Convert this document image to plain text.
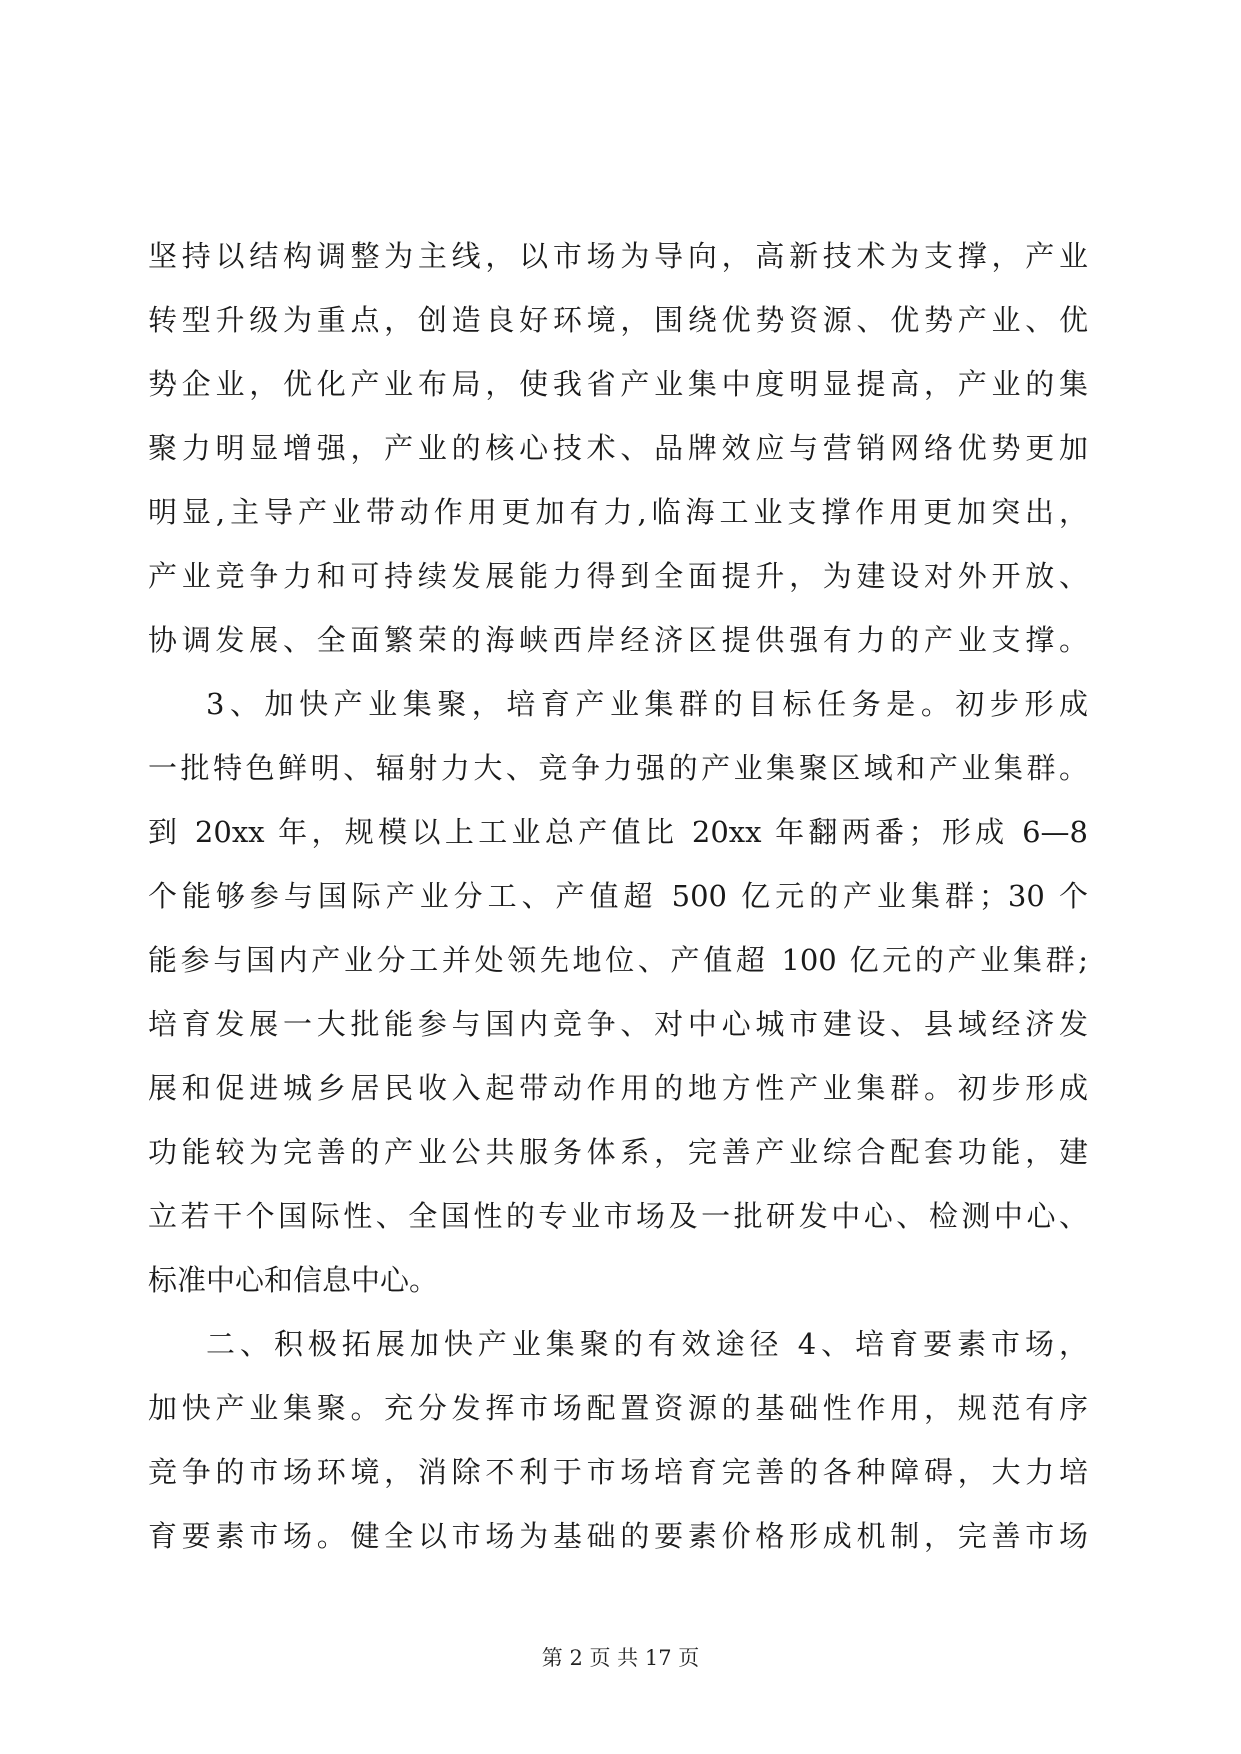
坚持以结构调整为主线，以市场为导向，高新技术为支撑，产业
转型升级为重点，创造良好环境，围绕优势资源、优势产业、优
势企业，优化产业布局，使我省产业集中度明显提高，产业的集
聚力明显增强，产业的核心技术、品牌效应与营销网络优势更加
明显,主导产业带动作用更加有力,临海工业支撑作用更加突出，
产业竞争力和可持续发展能力得到全面提升，为建设对外开放、
协调发展、全面繁荣的海峡西岸经济区提供强有力的产业支撑。
3、加快产业集聚，培育产业集群的目标任务是。初步形成
一批特色鲜明、辐射力大、竞争力强的产业集聚区域和产业集群。
到 20xx 年，规模以上工业总产值比 20xx 年翻两番；形成 6—8
个能够参与国际产业分工、产值超 500 亿元的产业集群；30 个
能参与国内产业分工并处领先地位、产值超 100 亿元的产业集群;
培育发展一大批能参与国内竞争、对中心城市建设、县域经济发
展和促进城乡居民收入起带动作用的地方性产业集群。初步形成
功能较为完善的产业公共服务体系，完善产业综合配套功能，建
立若干个国际性、全国性的专业市场及一批研发中心、检测中心、
标准中心和信息中心。
二、积极拓展加快产业集聚的有效途径 4、培育要素市场，
加快产业集聚。充分发挥市场配置资源的基础性作用，规范有序
竞争的市场环境，消除不利于市场培育完善的各种障碍，大力培
育要素市场。健全以市场为基础的要素价格形成机制，完善市场
第 2 页 共 17 页
